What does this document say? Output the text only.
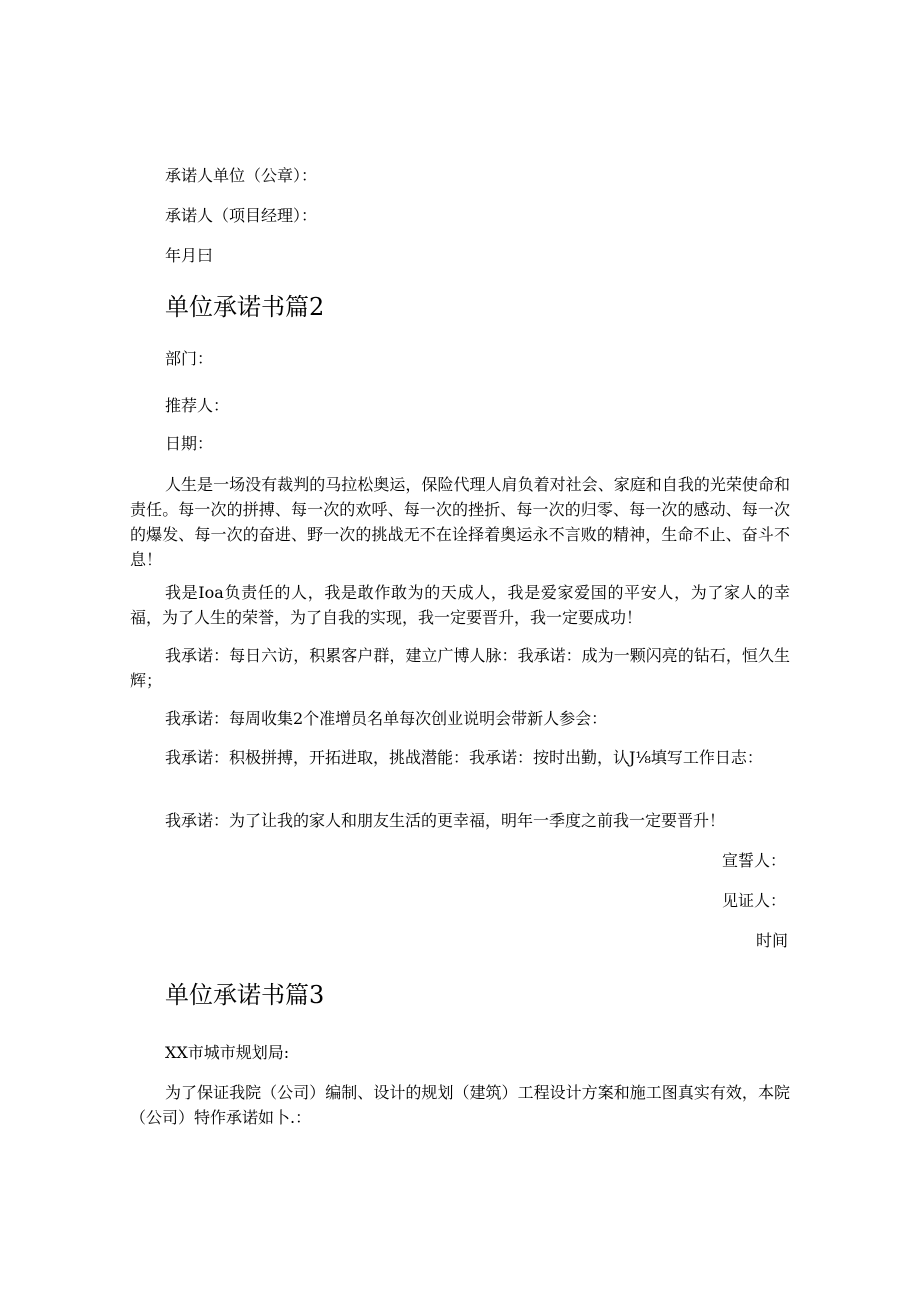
承诺人单位（公章）：
承诺人（项目经理）：
年月曰
单位承诺书篇2
部门：
推荐人：
日期：
人生是一场没有裁判的马拉松奥运，保险代理人肩负着对社会、家庭和自我的光荣使命和责任。每一次的拼搏、每一次的欢呼、每一次的挫折、每一次的归零、每一次的感动、每一次的爆发、每一次的奋进、野一次的挑战无不在诠择着奥运永不言败的精神，生命不止、奋斗不息！
我是Ioa负责任的人，我是敢作敢为的天成人，我是爱家爱国的平安人，为了家人的幸福，为了人生的荣誉，为了自我的实现，我一定要晋升，我一定要成功！
我承诺：每日六访，积累客户群，建立广博人脉：我承诺：成为一颗闪亮的钻石，恒久生辉；
我承诺：每周收集2个准增员名单每次创业说明会带新人参会：
我承诺：积极拼搏，开拓进取，挑战潜能：我承诺：按时出勤，认J⅛填写工作日志：
我承诺：为了让我的家人和朋友生活的更幸福，明年一季度之前我一定要晋升！
宣誓人：
见证人：
时间
单位承诺书篇3
XX市城市规划局:
为了保证我院（公司）编制、设计的规划（建筑）工程设计方案和施工图真实有效，本院（公司）特作承诺如卜.：
